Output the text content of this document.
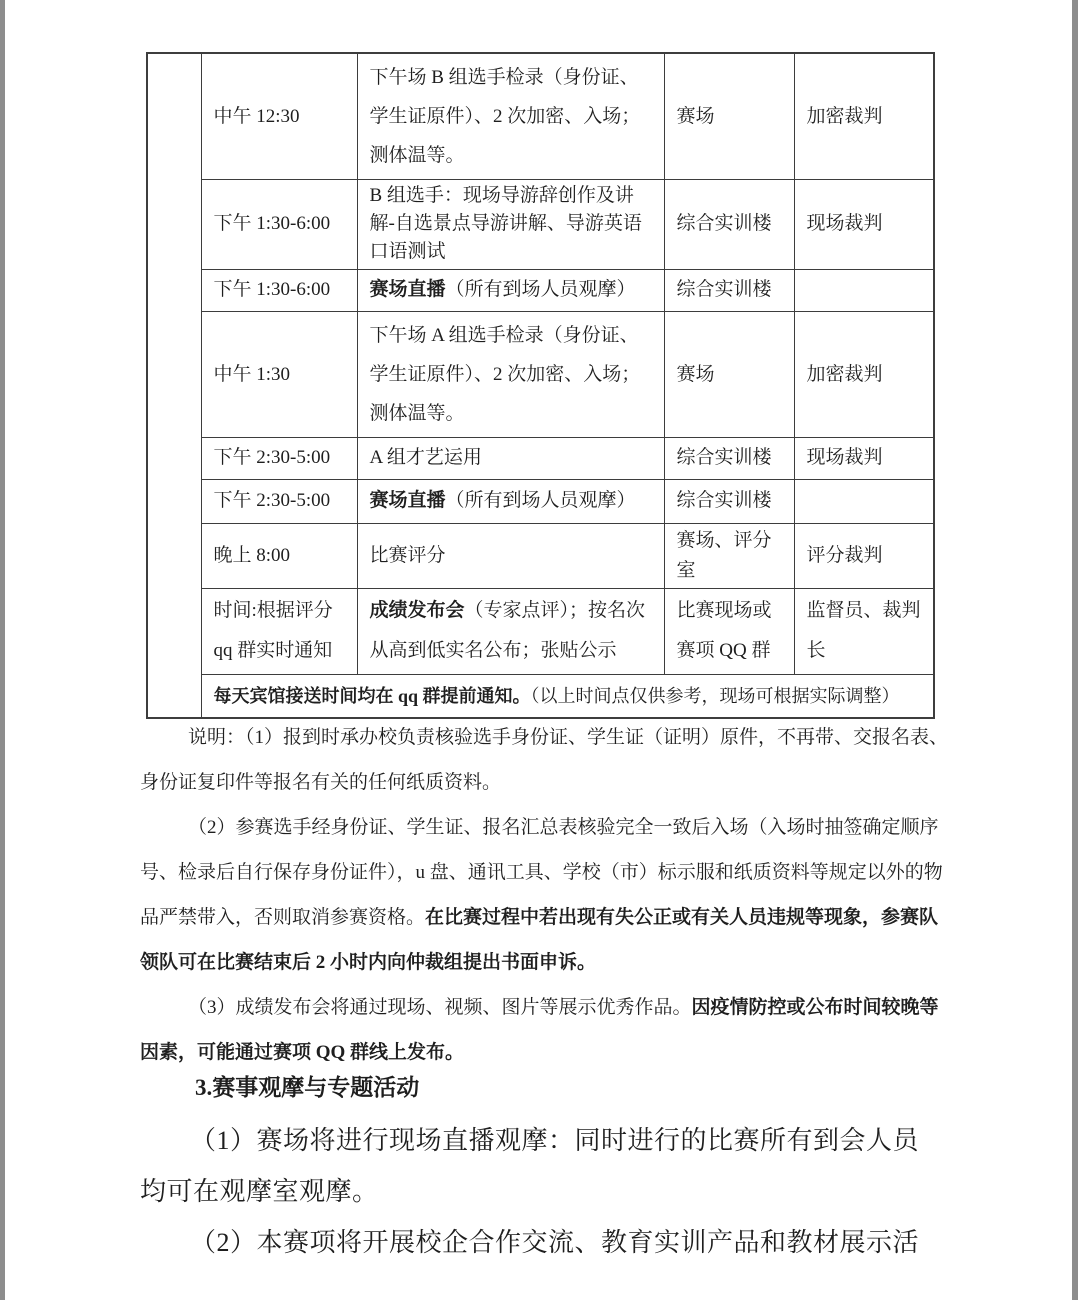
	中午 12:30	下午场 B 组选手检录（身份证、学生证原件）、2 次加密、入场；测体温等。	赛场	加密裁判
	下午 1:30-6:00	B 组选手：现场导游辞创作及讲解-自选景点导游讲解、导游英语口语测试	综合实训楼	现场裁判
	下午 1:30-6:00	赛场直播（所有到场人员观摩）	综合实训楼	
	中午 1:30	下午场 A 组选手检录（身份证、学生证原件）、2 次加密、入场；测体温等。	赛场	加密裁判
	下午 2:30-5:00	A 组才艺运用	综合实训楼	现场裁判
	下午 2:30-5:00	赛场直播（所有到场人员观摩）	综合实训楼	
	晚上 8:00	比赛评分	赛场、评分室	评分裁判
	时间:根据评分 qq 群实时通知	成绩发布会（专家点评）；按名次从高到低实名公布；张贴公示	比赛现场或赛项 QQ 群	监督员、裁判长
	每天宾馆接送时间均在 qq 群提前通知。（以上时间点仅供参考，现场可根据实际调整）			
说明：（1）报到时承办校负责核验选手身份证、学生证（证明）原件，不再带、交报名表、
身份证复印件等报名有关的任何纸质资料。
（2）参赛选手经身份证、学生证、报名汇总表核验完全一致后入场（入场时抽签确定顺序
号、检录后自行保存身份证件），u 盘、通讯工具、学校（市）标示服和纸质资料等规定以外的物
品严禁带入，否则取消参赛资格。在比赛过程中若出现有失公正或有关人员违规等现象，参赛队
领队可在比赛结束后 2 小时内向仲裁组提出书面申诉。
（3）成绩发布会将通过现场、视频、图片等展示优秀作品。因疫情防控或公布时间较晚等
因素，可能通过赛项 QQ 群线上发布。
3.赛事观摩与专题活动
（1）赛场将进行现场直播观摩：同时进行的比赛所有到会人员
均可在观摩室观摩。
（2）本赛项将开展校企合作交流、教育实训产品和教材展示活
